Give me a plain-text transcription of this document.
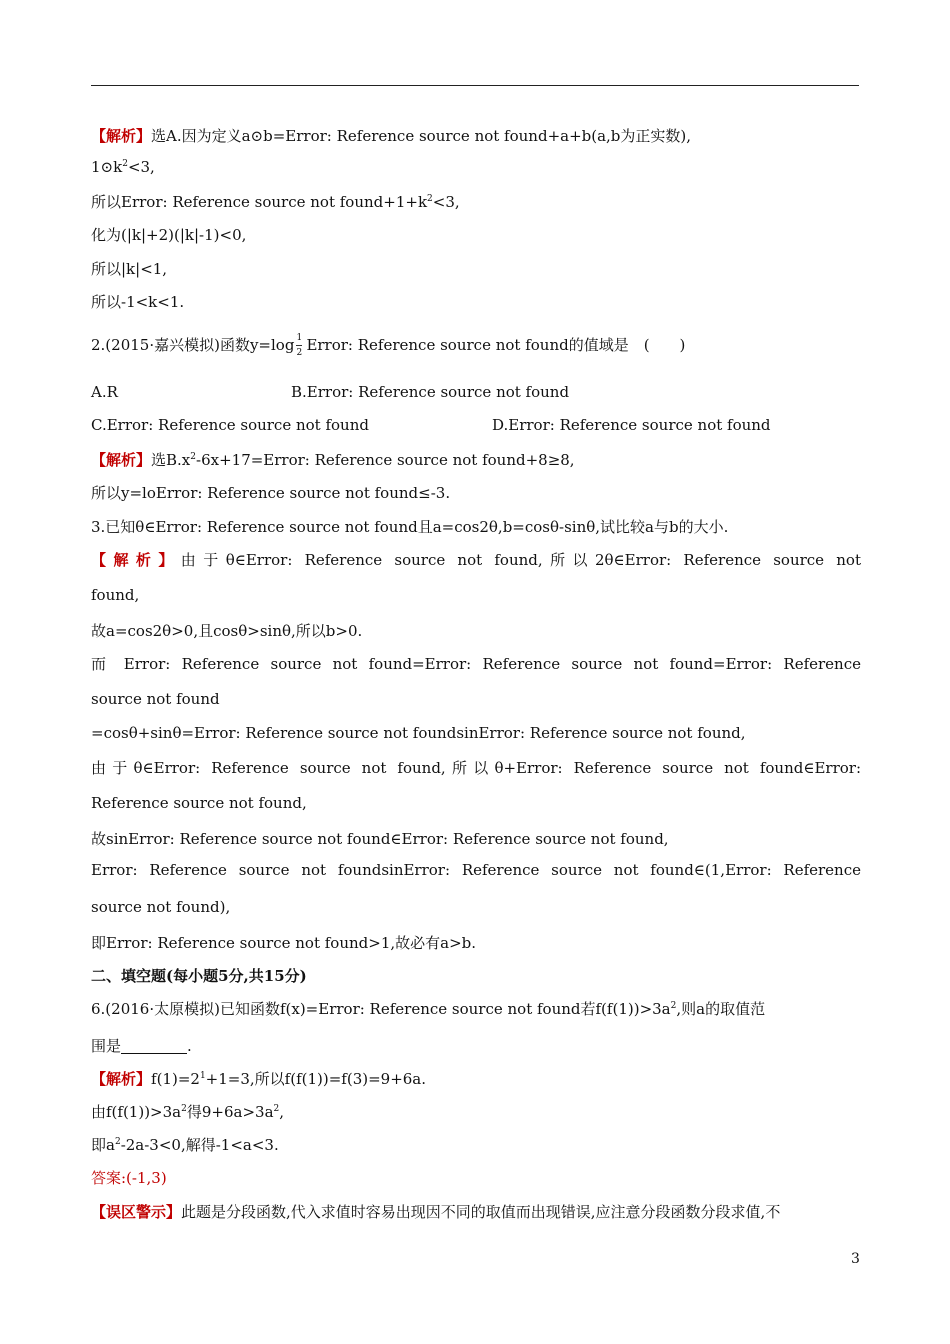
【解析】选A.因为定义a⊙b=Error: Reference source not found+a+b(a,b为正实数),
$1⊙k^2<3$,
所以Error: Reference source not $found+1+k^2<3$,
化为(|k|+2)(|k|-1)<0,
所以|k|<1,
所以-1<k<1.
2.(2015·嘉兴模拟)函数$y=\log \frac{1}{2}$ Error: Reference source not found的值域是　(　　)
A.R	B.Error: Reference source not found
C.Error: Reference source not found	D.Error: Reference source not found
【解析】选$B.x^2-6x+17=Error$: Reference source not found+8≥8,
所以y=loError: Reference source not found≤-3.
3.已知θ∈Error: Reference source not found且a=cos2θ,b=cosθ-sinθ,试比较a与b的大小.
【解析】由于θ∈Error: Reference source not found,所以2θ∈Error: Reference source not
found,
故a=cos2θ>0,且cosθ>sinθ,所以b>0.
而 Error: Reference source not found=Error: Reference source not found=Error: Reference
source not found
=cosθ+sinθ=Error: Reference source not foundsinError: Reference source not found,
由于θ∈Error: Reference source not found,所以θ+Error: Reference source not found∈Error:
Reference source not found,
故sinError: Reference source not found∈Error: Reference source not found,
Error: Reference source not foundsinError: Reference source not found∈(1,Error: Reference
source not found),
即Error: Reference source not found>1,故必有a>b.
二、填空题(每小题5分,共15分)
6.(2016·太原模拟)已知函数f(x)=Error: Reference source not found若$f(f(1))>3a^2$,则a的取值范
围是	.
【解析】$f(1)=2^1+1=3$,所以f(f(1))=f(3)=9+6a.
由$f(f(1))>3a^2$得$9+6a>3a^2$,
即$a^2-2a-3<0$,解得-1<a<3.
答案:(-1,3)
【误区警示】此题是分段函数,代入求值时容易出现因不同的取值而出现错误,应注意分段函数分段求值,不
3
